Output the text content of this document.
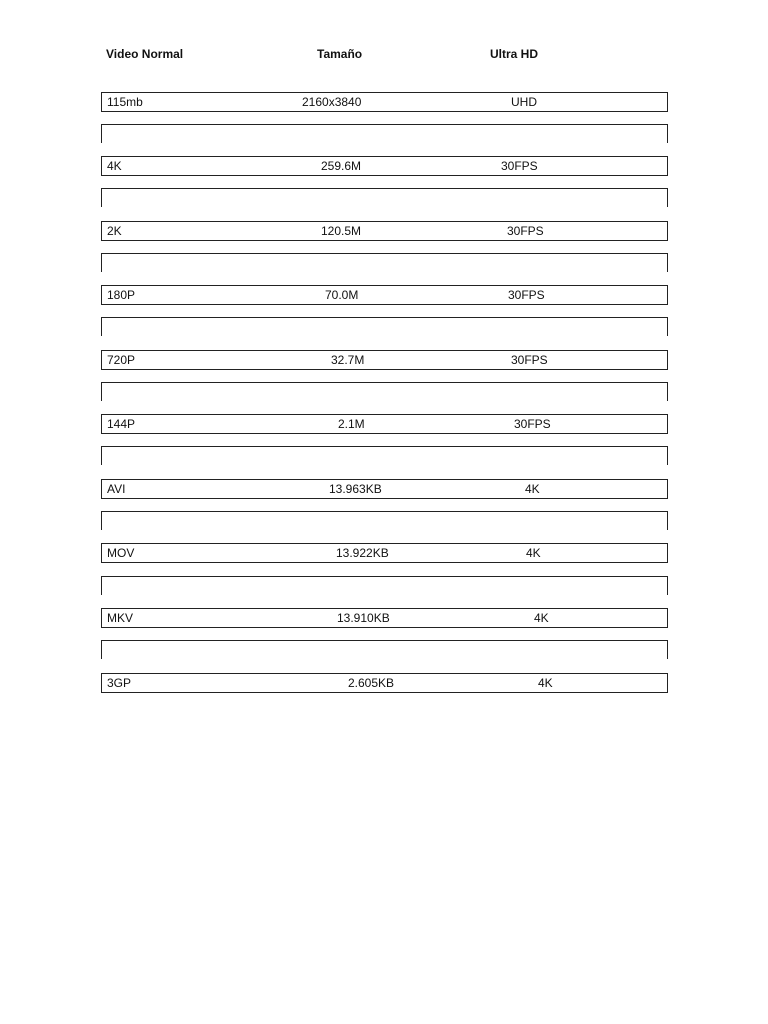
Video Normal	Tamaño	Ultra HD
115mb	2160x3840	UHD
4K	259.6M	30FPS
2K	120.5M	30FPS
180P	70.0M	30FPS
720P	32.7M	30FPS
144P	2.1M	30FPS
AVI	13.963KB	4K
MOV	13.922KB	4K
MKV	13.910KB	4K
3GP	2.605KB	4K
